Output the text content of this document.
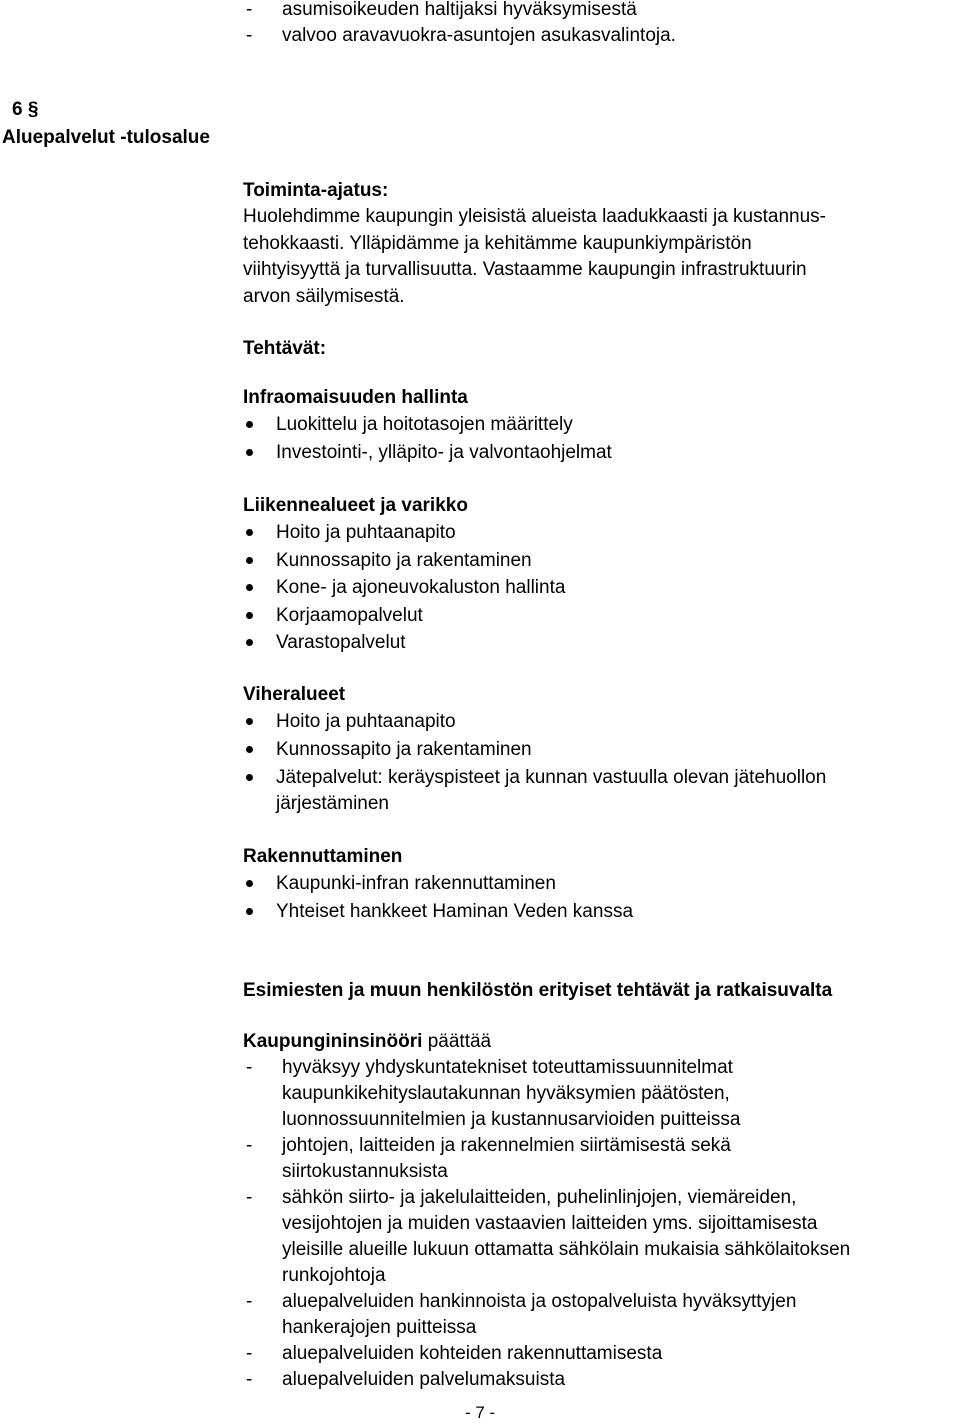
- asumisoikeuden haltijaksi hyväksymisestä
- valvoo aravavuokra-asuntojen asukasvalintoja.
6 §
Aluepalvelut -tulosalue
Toiminta-ajatus:
Huolehdimme kaupungin yleisistä alueista laadukkaasti ja kustannus-
tehokkaasti. Ylläpidämme ja kehitämme kaupunkiympäristön
viihtyisyyttä ja turvallisuutta. Vastaamme kaupungin infrastruktuurin
arvon säilymisestä.
Tehtävät:
Infraomaisuuden hallinta
Luokittelu ja hoitotasojen määrittely
Investointi-, ylläpito- ja valvontaohjelmat
Liikennealueet ja varikko
Hoito ja puhtaanapito
Kunnossapito ja rakentaminen
Kone- ja ajoneuvokaluston hallinta
Korjaamopalvelut
Varastopalvelut
Viheralueet
Hoito ja puhtaanapito
Kunnossapito ja rakentaminen
Jätepalvelut: keräyspisteet ja kunnan vastuulla olevan jätehuollon
järjestäminen
Rakennuttaminen
Kaupunki-infran rakennuttaminen
Yhteiset hankkeet Haminan Veden kanssa
Esimiesten ja muun henkilöstön erityiset tehtävät ja ratkaisuvalta
Kaupungininsinööri päättää
- hyväksyy yhdyskuntatekniset toteuttamissuunnitelmat
kaupunkikehityslautakunnan hyväksymien päätösten,
luonnossuunnitelmien ja kustannusarvioiden puitteissa
- johtojen, laitteiden ja rakennelmien siirtämisestä sekä
siirtokustannuksista
- sähkön siirto- ja jakelulaitteiden, puhelinlinjojen, viemäreiden,
vesijohtojen ja muiden vastaavien laitteiden yms. sijoittamisesta
yleisille alueille lukuun ottamatta sähkölain mukaisia sähkölaitoksen
runkojohtoja
- aluepalveluiden hankinnoista ja ostopalveluista hyväksyttyjen
hankerajojen puitteissa
- aluepalveluiden kohteiden rakennuttamisesta
- aluepalveluiden palvelumaksuista
- 7 -
